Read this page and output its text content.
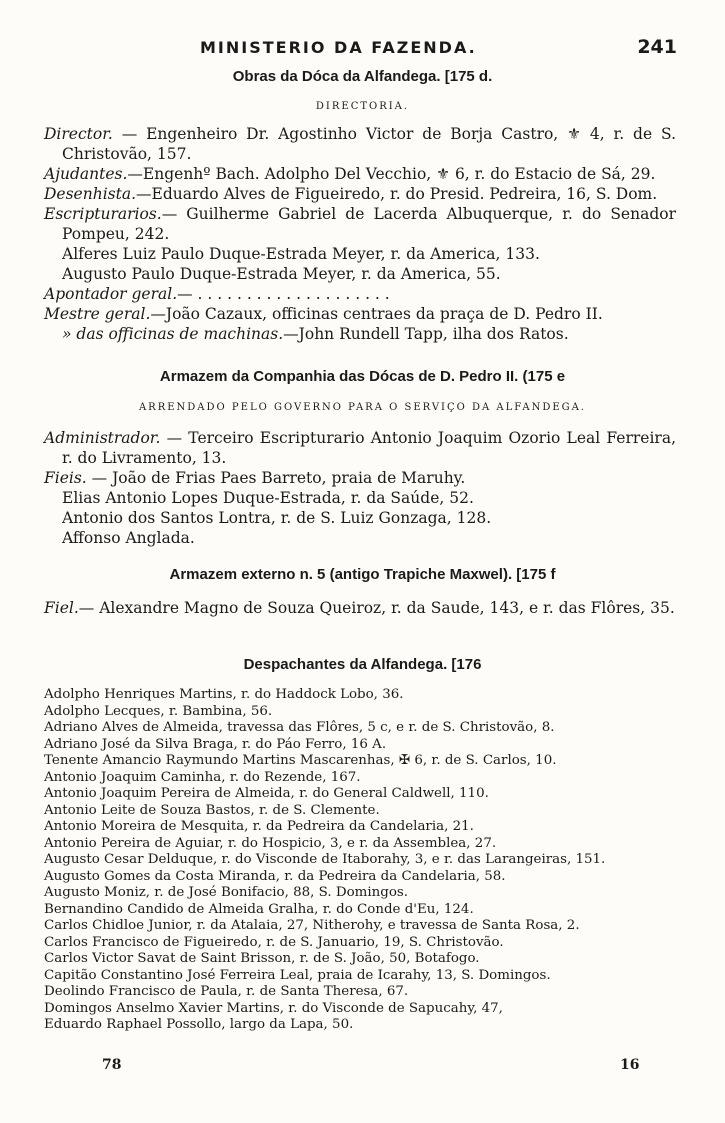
MINISTERIO DA FAZENDA.	241
Obras da Dóca da Alfandega. [175 d.
DIRECTORIA.
Director. — Engenheiro Dr. Agostinho Victor de Borja Castro, ⚜ 4, r. de S. Christovão, 157.
Ajudantes.—Engenhº Bach. Adolpho Del Vecchio, ⚜ 6, r. do Estacio de Sá, 29.
Desenhista.—Eduardo Alves de Figueiredo, r. do Presid. Pedreira, 16, S. Dom.
Escripturarios.— Guilherme Gabriel de Lacerda Albuquerque, r. do Senador Pompeu, 242.
Alferes Luiz Paulo Duque-Estrada Meyer, r. da America, 133.
Augusto Paulo Duque-Estrada Meyer, r. da America, 55.
Apontador geral.— . . . . . . . . . . . . . . . . . . . .
Mestre geral.—João Cazaux, officinas centraes da praça de D. Pedro II.
» das officinas de machinas.—John Rundell Tapp, ilha dos Ratos.
Armazem da Companhia das Dócas de D. Pedro II. (175 e
ARRENDADO PELO GOVERNO PARA O SERVIÇO DA ALFANDEGA.
Administrador. — Terceiro Escripturario Antonio Joaquim Ozorio Leal Ferreira, r. do Livramento, 13.
Fieis. — João de Frias Paes Barreto, praia de Maruhy.
Elias Antonio Lopes Duque-Estrada, r. da Saúde, 52.
Antonio dos Santos Lontra, r. de S. Luiz Gonzaga, 128.
Affonso Anglada.
Armazem externo n. 5 (antigo Trapiche Maxwel). [175 f
Fiel.— Alexandre Magno de Souza Queiroz, r. da Saude, 143, e r. das Flôres, 35.
Despachantes da Alfandega. [176
Adolpho Henriques Martins, r. do Haddock Lobo, 36.
Adolpho Lecques, r. Bambina, 56.
Adriano Alves de Almeida, travessa das Flôres, 5 c, e r. de S. Christovão, 8.
Adriano José da Silva Braga, r. do Páo Ferro, 16 A.
Tenente Amancio Raymundo Martins Mascarenhas, ✠ 6, r. de S. Carlos, 10.
Antonio Joaquim Caminha, r. do Rezende, 167.
Antonio Joaquim Pereira de Almeida, r. do General Caldwell, 110.
Antonio Leite de Souza Bastos, r. de S. Clemente.
Antonio Moreira de Mesquita, r. da Pedreira da Candelaria, 21.
Antonio Pereira de Aguiar, r. do Hospicio, 3, e r. da Assemblea, 27.
Augusto Cesar Delduque, r. do Visconde de Itaborahy, 3, e r. das Larangeiras, 151.
Augusto Gomes da Costa Miranda, r. da Pedreira da Candelaria, 58.
Augusto Moniz, r. de José Bonifacio, 88, S. Domingos.
Bernandino Candido de Almeida Gralha, r. do Conde d'Eu, 124.
Carlos Chidloe Junior, r. da Atalaia, 27, Nitherohy, e travessa de Santa Rosa, 2.
Carlos Francisco de Figueiredo, r. de S. Januario, 19, S. Christovão.
Carlos Victor Savat de Saint Brisson, r. de S. João, 50, Botafogo.
Capitão Constantino José Ferreira Leal, praia de Icarahy, 13, S. Domingos.
Deolindo Francisco de Paula, r. de Santa Theresa, 67.
Domingos Anselmo Xavier Martins, r. do Visconde de Sapucahy, 47,
Eduardo Raphael Possollo, largo da Lapa, 50.
78	16
